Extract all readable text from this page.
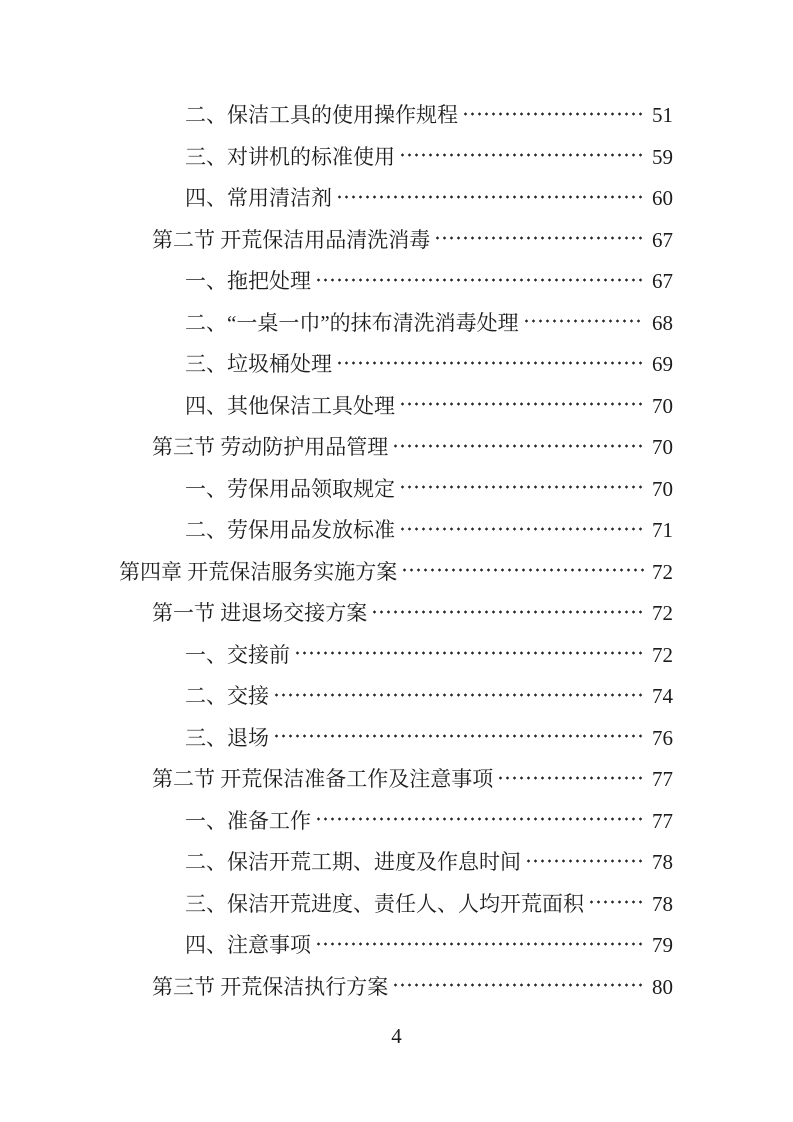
二、保洁工具的使用操作规程	51
三、对讲机的标准使用	59
四、常用清洁剂	60
第二节 开荒保洁用品清洗消毒	67
一、拖把处理	67
二、“一桌一巾”的抹布清洗消毒处理	68
三、垃圾桶处理	69
四、其他保洁工具处理	70
第三节 劳动防护用品管理	70
一、劳保用品领取规定	70
二、劳保用品发放标准	71
第四章 开荒保洁服务实施方案	72
第一节 进退场交接方案	72
一、交接前	72
二、交接	74
三、退场	76
第二节 开荒保洁准备工作及注意事项	77
一、准备工作	77
二、保洁开荒工期、进度及作息时间	78
三、保洁开荒进度、责任人、人均开荒面积	78
四、注意事项	79
第三节 开荒保洁执行方案	80
4
